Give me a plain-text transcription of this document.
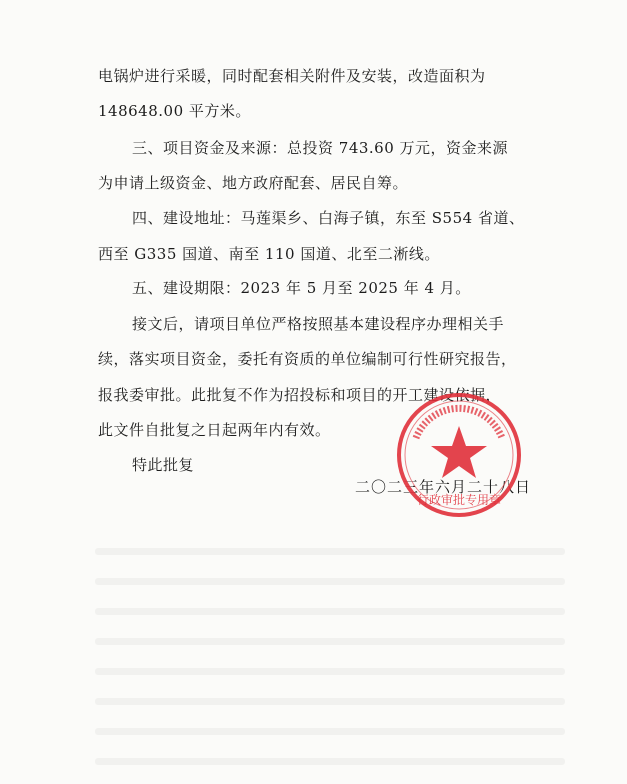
电锅炉进行采暖，同时配套相关附件及安装，改造面积为
148648.00 平方米。
三、项目资金及来源：总投资 743.60 万元，资金来源
为申请上级资金、地方政府配套、居民自筹。
四、建设地址：马莲渠乡、白海子镇，东至 S554 省道、
西至 G335 国道、南至 110 国道、北至二淅线。
五、建设期限：2023 年 5 月至 2025 年 4 月。
接文后，请项目单位严格按照基本建设程序办理相关手
续，落实项目资金，委托有资质的单位编制可行性研究报告，
报我委审批。此批复不作为招投标和项目的开工建设依据，
此文件自批复之日起两年内有效。
特此批复
二〇二三年六月二十八日
行政审批专用章
